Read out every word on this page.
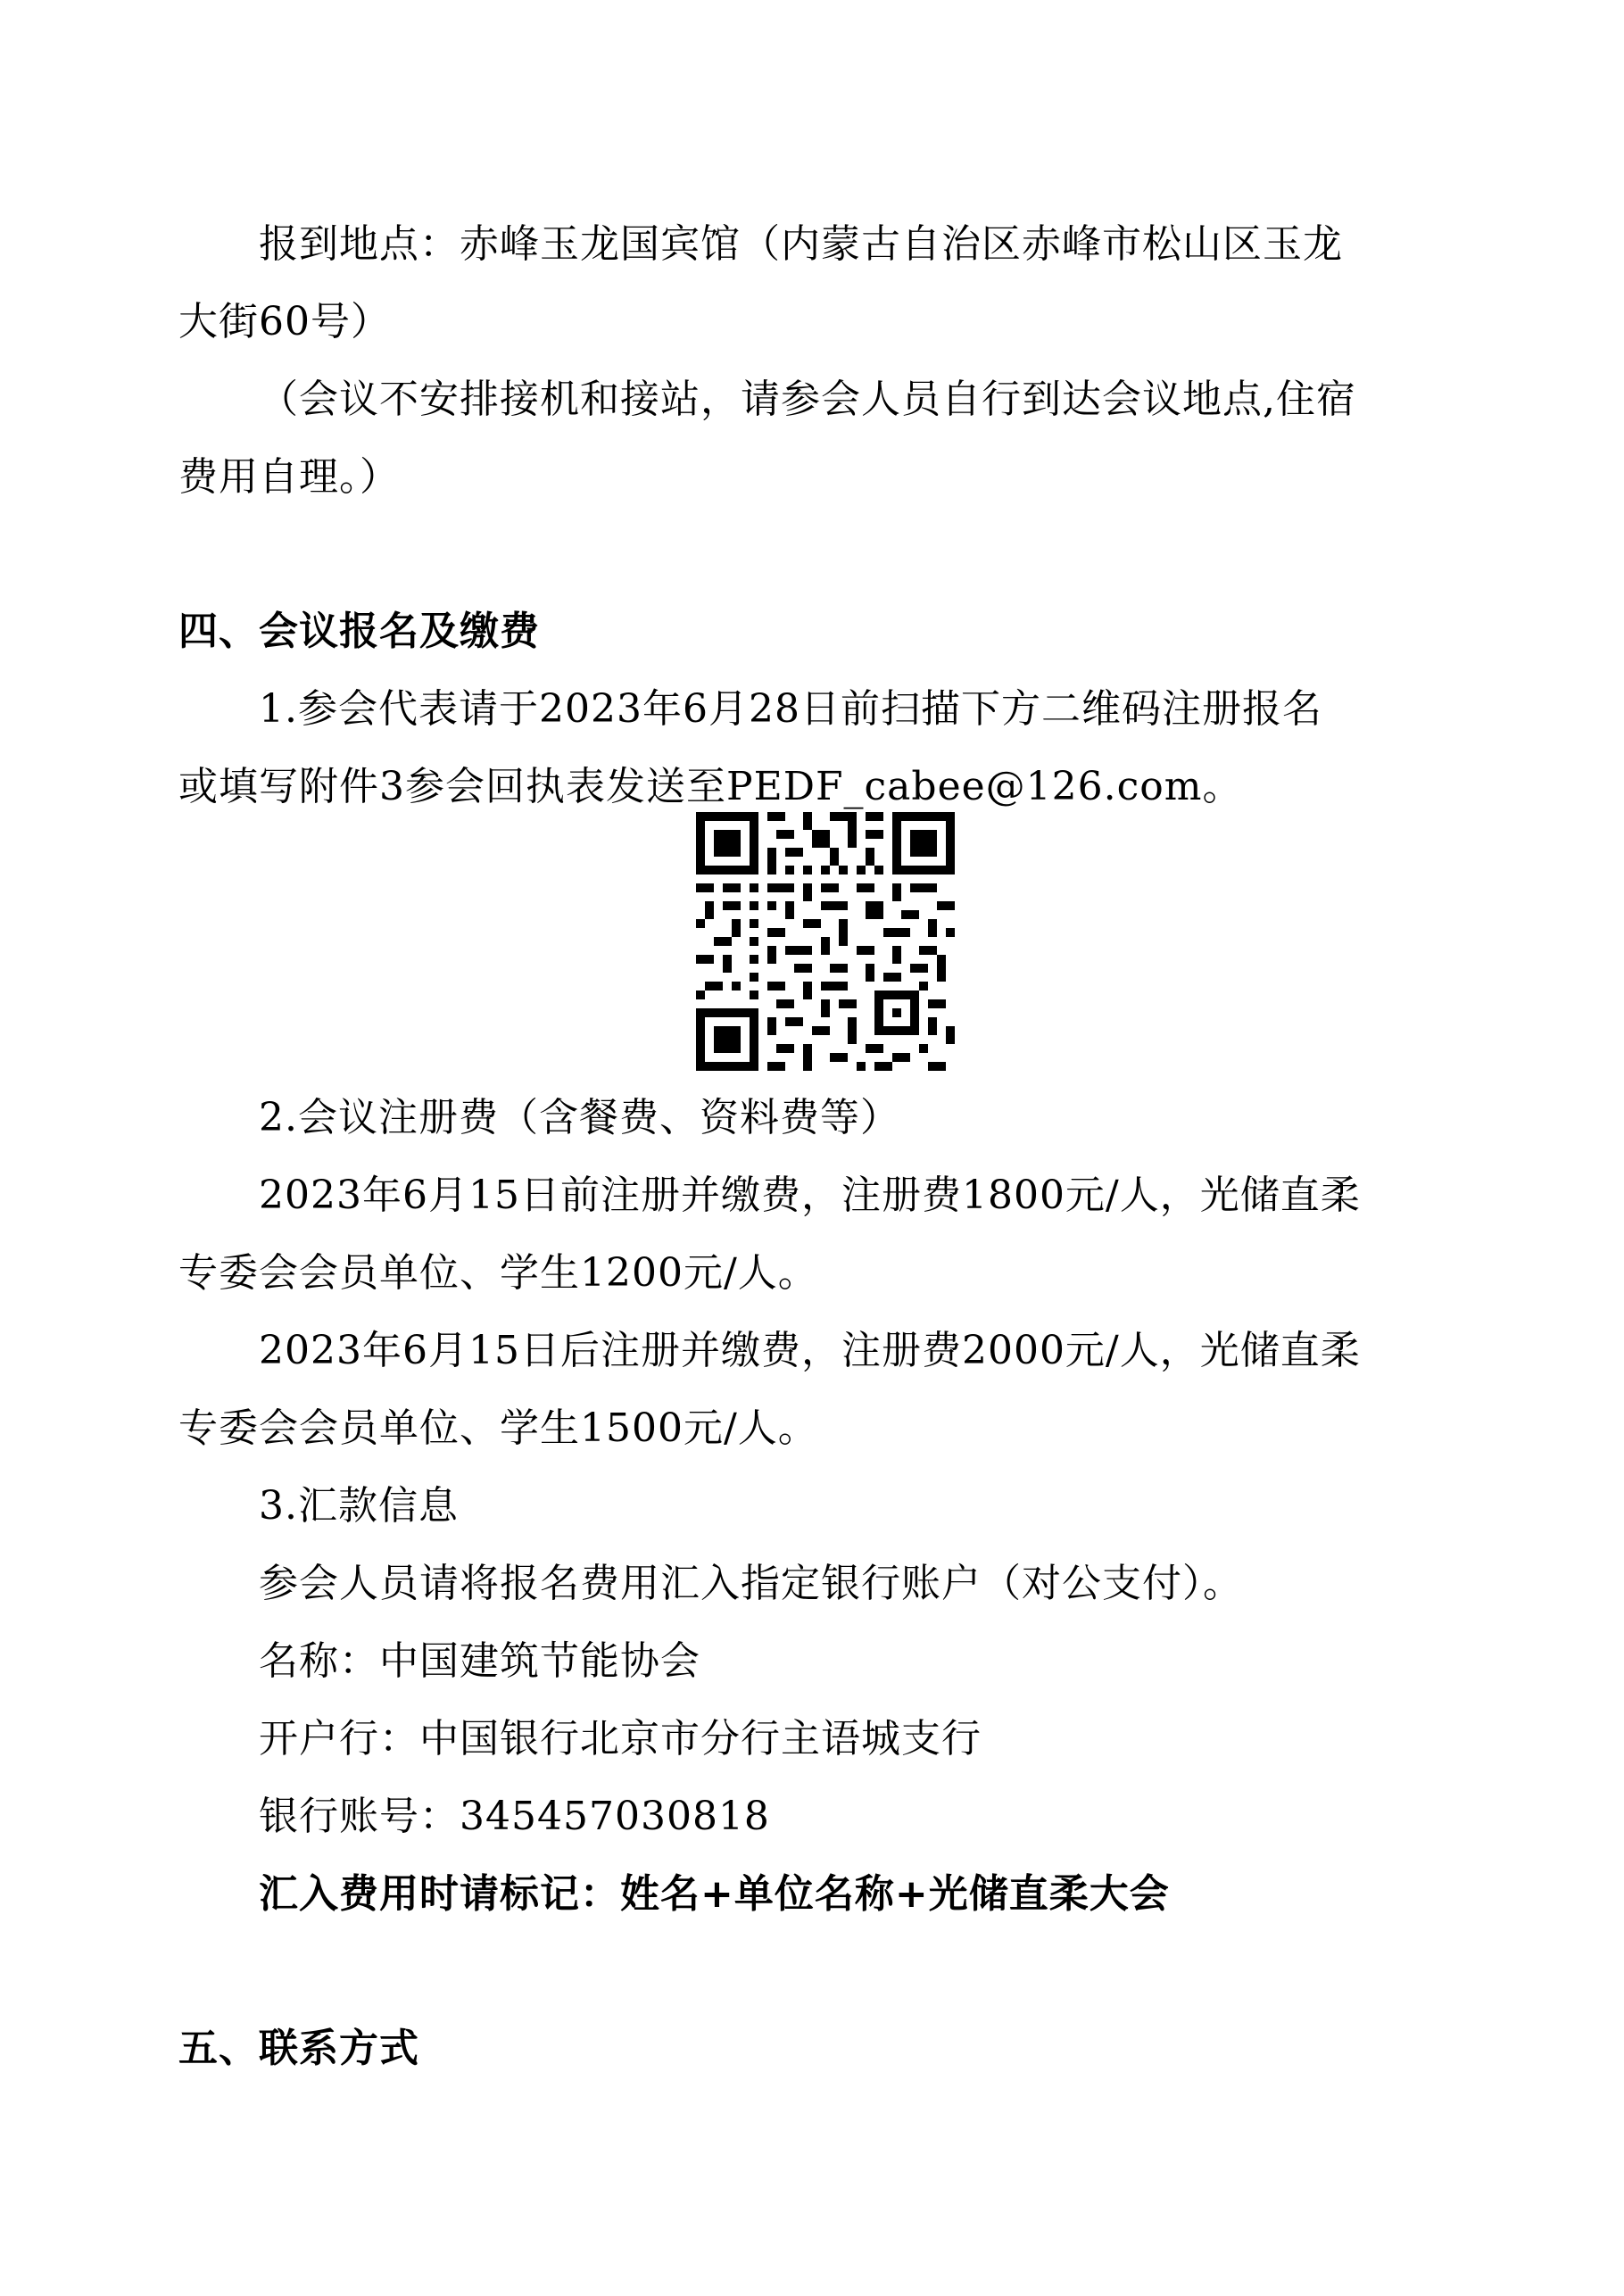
报到地点：赤峰玉龙国宾馆（内蒙古自治区赤峰市松山区玉龙
大街60号）
（会议不安排接机和接站，请参会人员自行到达会议地点,住宿
费用自理。）
四、会议报名及缴费
1.参会代表请于2023年6月28日前扫描下方二维码注册报名
或填写附件3参会回执表发送至PEDF_cabee@126.com。
2.会议注册费（含餐费、资料费等）
2023年6月15日前注册并缴费，注册费1800元/人，光储直柔
专委会会员单位、学生1200元/人。
2023年6月15日后注册并缴费，注册费2000元/人，光储直柔
专委会会员单位、学生1500元/人。
3.汇款信息
参会人员请将报名费用汇入指定银行账户（对公支付）。
名称：中国建筑节能协会
开户行：中国银行北京市分行主语城支行
银行账号：345457030818
汇入费用时请标记：姓名+单位名称+光储直柔大会
五、联系方式
